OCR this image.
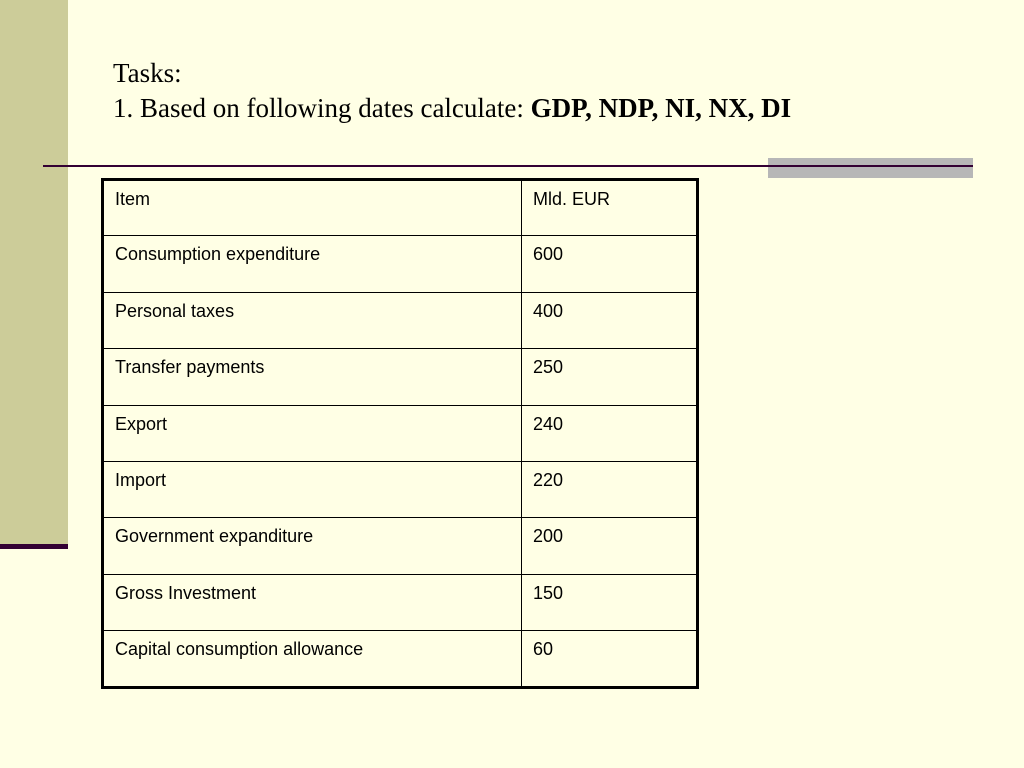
Tasks:
1. Based on following dates calculate: GDP, NDP, NI, NX, DI
Item	Mld. EUR
Consumption expenditure	600
Personal taxes	400
Transfer payments	250
Export	240
Import	220
Government expanditure	200
Gross Investment	150
Capital consumption allowance	60
